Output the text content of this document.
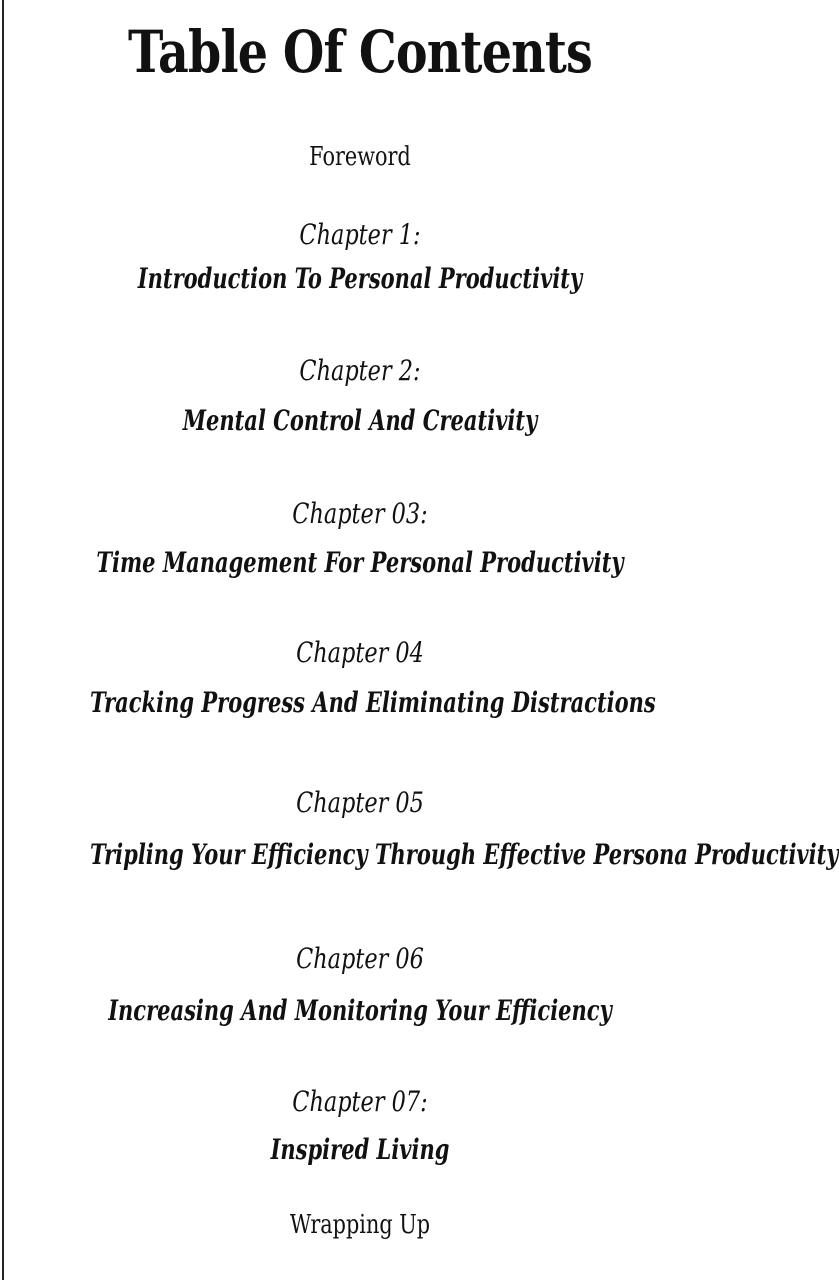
Table Of Contents
Foreword
Chapter 1:
Introduction To Personal Productivity
Chapter 2:
Mental Control And Creativity
Chapter 03:
Time Management For Personal Productivity
Chapter 04
Tracking Progress And Eliminating Distractions
Chapter 05
Tripling Your Efficiency Through Effective Persona Productivity
Chapter 06
Increasing And Monitoring Your Efficiency
Chapter 07:
Inspired Living
Wrapping Up
